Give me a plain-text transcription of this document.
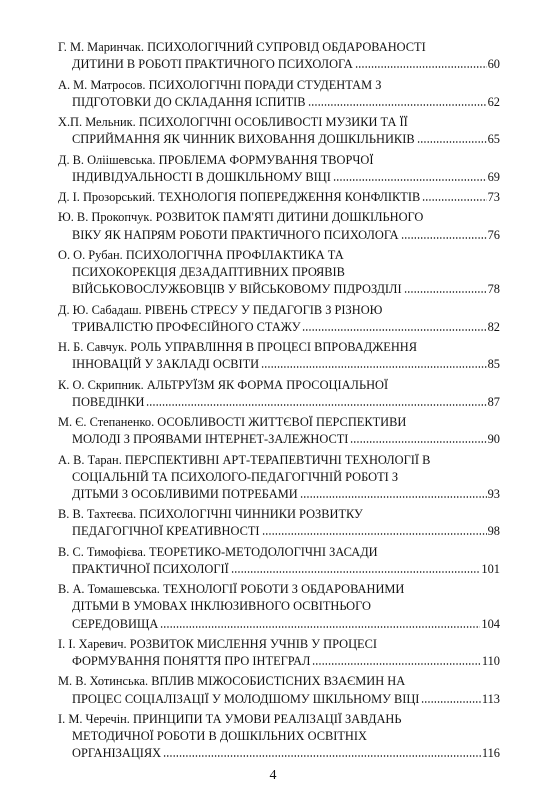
Г. М. Маринчак. ПСИХОЛОГІЧНИЙ СУПРОВІД ОБДАРОВАНОСТІ
ДИТИНИ В РОБОТІ ПРАКТИЧНОГО ПСИХОЛОГА	60
А. М. Матросов. ПСИХОЛОГІЧНІ ПОРАДИ СТУДЕНТАМ З
ПІДГОТОВКИ ДО СКЛАДАННЯ ІСПИТІВ	62
Х.П. Мельник. ПСИХОЛОГІЧНІ ОСОБЛИВОСТІ МУЗИКИ ТА ЇЇ
СПРИЙМАННЯ ЯК ЧИННИК ВИХОВАННЯ ДОШКІЛЬНИКІВ	65
Д. В. Оліішевська. ПРОБЛЕМА ФОРМУВАННЯ ТВОРЧОЇ
ІНДИВІДУАЛЬНОСТІ В ДОШКІЛЬНОМУ ВІЦІ	69
Д. І. Прозорський. ТЕХНОЛОГІЯ ПОПЕРЕДЖЕННЯ КОНФЛІКТІВ	73
Ю. В. Прокопчук. РОЗВИТОК ПАМ'ЯТІ ДИТИНИ ДОШКІЛЬНОГО
ВІКУ ЯК НАПРЯМ РОБОТИ ПРАКТИЧНОГО ПСИХОЛОГА	76
О. О. Рубан. ПСИХОЛОГІЧНА ПРОФІЛАКТИКА ТА
ПСИХОКОРЕКЦІЯ ДЕЗАДАПТИВНИХ ПРОЯВІВ
ВІЙСЬКОВОСЛУЖБОВЦІВ У ВІЙСЬКОВОМУ ПІДРОЗДІЛІ	78
Д. Ю. Сабадаш. РІВЕНЬ СТРЕСУ У ПЕДАГОГІВ З РІЗНОЮ
ТРИВАЛІСТЮ ПРОФЕСІЙНОГО СТАЖУ	82
Н. Б. Савчук. РОЛЬ УПРАВЛІННЯ В ПРОЦЕСІ ВПРОВАДЖЕННЯ
ІННОВАЦІЙ У ЗАКЛАДІ ОСВІТИ	85
К. О. Скрипник. АЛЬТРУЇЗМ ЯК ФОРМА ПРОСОЦІАЛЬНОЇ
ПОВЕДІНКИ	87
М. Є. Степаненко. ОСОБЛИВОСТІ ЖИТТЄВОЇ ПЕРСПЕКТИВИ
МОЛОДІ З ПРОЯВАМИ ІНТЕРНЕТ-ЗАЛЕЖНОСТІ	90
А. В. Таран. ПЕРСПЕКТИВНІ АРТ-ТЕРАПЕВТИЧНІ ТЕХНОЛОГІЇ В
СОЦІАЛЬНІЙ ТА ПСИХОЛОГО-ПЕДАГОГІЧНІЙ РОБОТІ З
ДІТЬМИ З ОСОБЛИВИМИ ПОТРЕБАМИ	93
В. В. Тахтеєва. ПСИХОЛОГІЧНІ ЧИННИКИ РОЗВИТКУ
ПЕДАГОГІЧНОЇ КРЕАТИВНОСТІ	98
В. С. Тимофієва. ТЕОРЕТИКО-МЕТОДОЛОГІЧНІ ЗАСАДИ
ПРАКТИЧНОЇ ПСИХОЛОГІЇ	101
В. А. Томашевська. ТЕХНОЛОГІЇ РОБОТИ З ОБДАРОВАНИМИ
ДІТЬМИ В УМОВАХ ІНКЛЮЗИВНОГО ОСВІТНЬОГО
СЕРЕДОВИЩА	104
І. І. Харевич. РОЗВИТОК МИСЛЕННЯ УЧНІВ У ПРОЦЕСІ
ФОРМУВАННЯ ПОНЯТТЯ ПРО ІНТЕГРАЛ	110
М. В. Хотинська. ВПЛИВ МІЖОСОБИСТІСНИХ ВЗАЄМИН НА
ПРОЦЕС СОЦІАЛІЗАЦІЇ У МОЛОДШОМУ ШКІЛЬНОМУ ВІЦІ	113
І. М. Черечін. ПРИНЦИПИ ТА УМОВИ РЕАЛІЗАЦІЇ ЗАВДАНЬ
МЕТОДИЧНОЇ РОБОТИ В ДОШКІЛЬНИХ ОСВІТНІХ
ОРГАНІЗАЦІЯХ	116
4
